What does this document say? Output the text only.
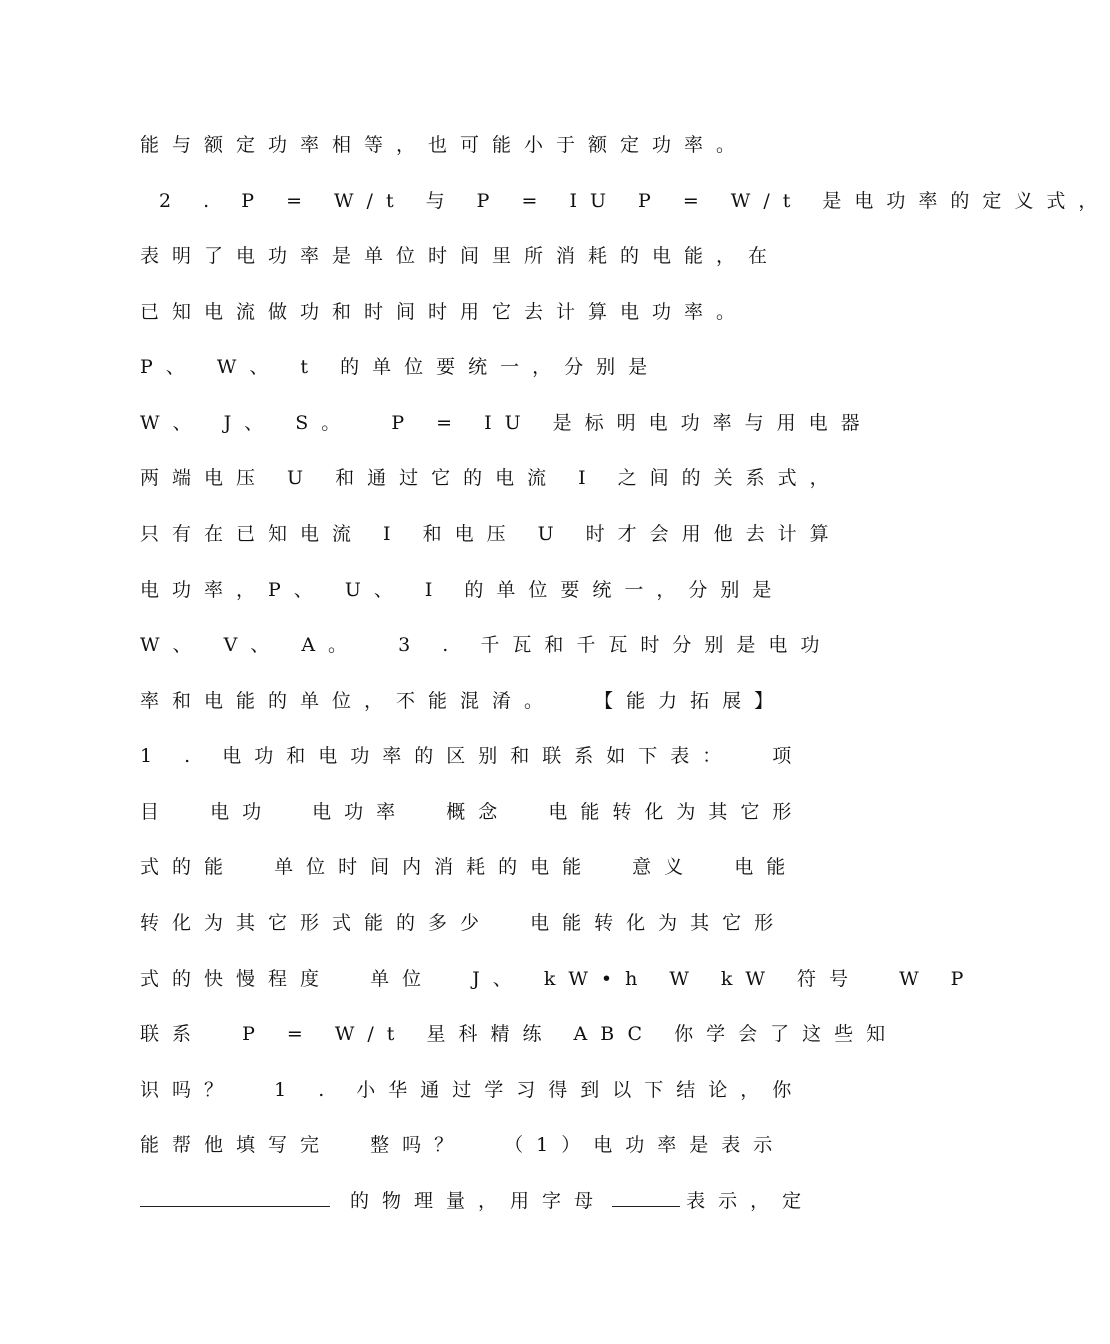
能与额定功率相等，也可能小于额定功率。
2 . P = W/t 与 P = IU P = W/t 是电功率的定义式，
表明了电功率是单位时间里所消耗的电能，在
已知电流做功和时间时用它去计算电功率。
P、 W、 t 的单位要统一，分别是
W、 J、 S。  P = IU 是标明电功率与用电器
两端电压 U 和通过它的电流 I 之间的关系式，
只有在已知电流 I 和电压 U 时才会用他去计算
电功率，P、 U、 I 的单位要统一，分别是
W、 V、 A。  3 . 千瓦和千瓦时分别是电功
率和电能的单位，不能混淆。  【能力拓展】
1 . 电功和电功率的区别和联系如下表：  项
目  电功  电功率  概念  电能转化为其它形
式的能  单位时间内消耗的电能  意义  电能
转化为其它形式能的多少  电能转化为其它形
式的快慢程度  单位  J、 kW•h W kW 符号  W P
联系  P = W/t 星科精练 ABC 你学会了这些知
识吗？  1 . 小华通过学习得到以下结论，你
能帮他填写完  整吗？  （1）电功率是表示
的物理量，用字母	表示，定
